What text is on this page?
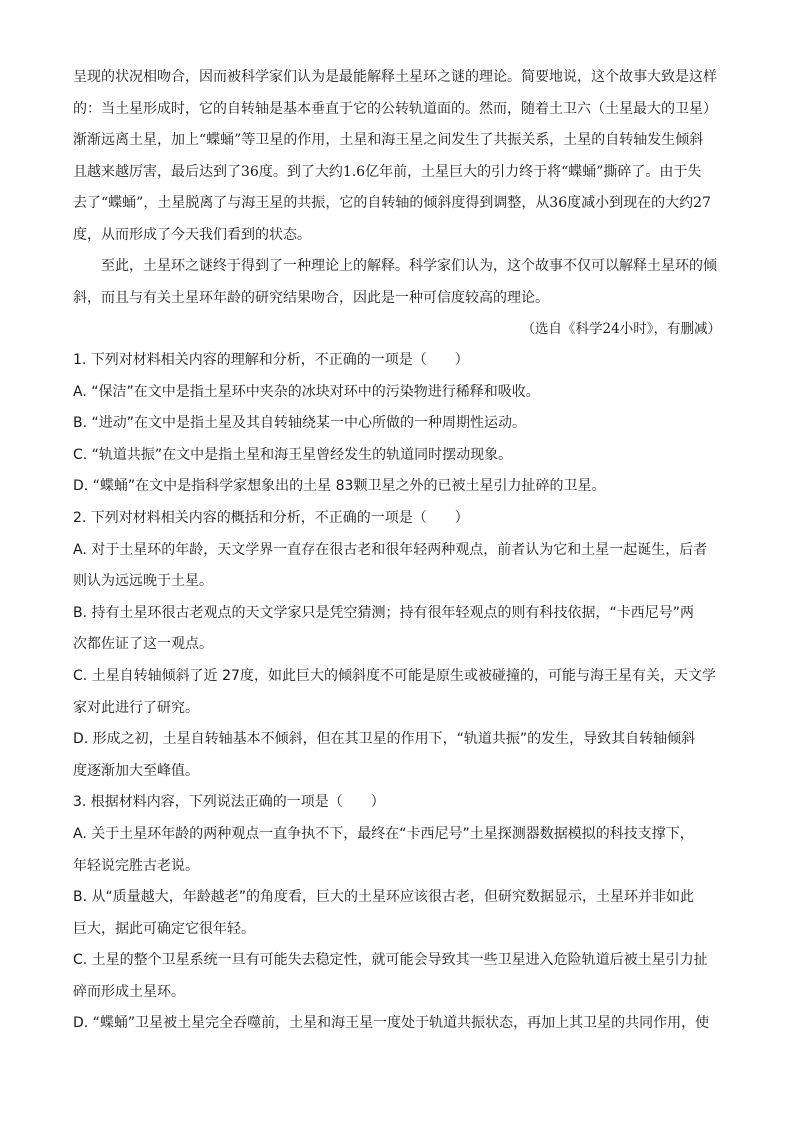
呈现的状况相吻合，因而被科学家们认为是最能解释土星环之谜的理论。简要地说，这个故事大致是这样

的：当土星形成时，它的自转轴是基本垂直于它的公转轨道面的。然而，随着土卫六（土星最大的卫星）

渐渐远离土星，加上“蝶蛹”等卫星的作用，土星和海王星之间发生了共振关系，土星的自转轴发生倾斜

且越来越厉害，最后达到了36度。到了大约1.6亿年前，土星巨大的引力终于将“蝶蛹”撕碎了。由于失

去了“蝶蛹”，土星脱离了与海王星的共振，它的自转轴的倾斜度得到调整，从36度减小到现在的大约27

度，从而形成了今天我们看到的状态。

至此，土星环之谜终于得到了一种理论上的解释。科学家们认为，这个故事不仅可以解释土星环的倾

斜，而且与有关土星环年龄的研究结果吻合，因此是一种可信度较高的理论。

（选自《科学24小时》，有删减）

1. 下列对材料相关内容的理解和分析，不正确的一项是（　　）

A. “保洁”在文中是指土星环中夹杂的冰块对环中的污染物进行稀释和吸收。

B. “进动”在文中是指土星及其自转轴绕某一中心所做的一种周期性运动。

C. “轨道共振”在文中是指土星和海王星曾经发生的轨道同时摆动现象。

D. “蝶蛹”在文中是指科学家想象出的土星 83颗卫星之外的已被土星引力扯碎的卫星。

2. 下列对材料相关内容的概括和分析，不正确的一项是（　　）

A. 对于土星环的年龄，天文学界一直存在很古老和很年轻两种观点，前者认为它和土星一起诞生，后者

则认为远远晚于土星。

B. 持有土星环很古老观点的天文学家只是凭空猜测；持有很年轻观点的则有科技依据，“卡西尼号”两

次都佐证了这一观点。

C. 土星自转轴倾斜了近 27度，如此巨大的倾斜度不可能是原生或被碰撞的，可能与海王星有关，天文学

家对此进行了研究。

D. 形成之初，土星自转轴基本不倾斜，但在其卫星的作用下，“轨道共振”的发生，导致其自转轴倾斜

度逐渐加大至峰值。

3. 根据材料内容，下列说法正确的一项是（　　）

A. 关于土星环年龄的两种观点一直争执不下，最终在“卡西尼号”土星探测器数据模拟的科技支撑下，

年轻说完胜古老说。

B. 从“质量越大，年龄越老”的角度看，巨大的土星环应该很古老，但研究数据显示，土星环并非如此

巨大，据此可确定它很年轻。

C. 土星的整个卫星系统一旦有可能失去稳定性，就可能会导致其一些卫星进入危险轨道后被土星引力扯

碎而形成土星环。

D. “蝶蛹”卫星被土星完全吞噬前，土星和海王星一度处于轨道共振状态，再加上其卫星的共同作用，使
